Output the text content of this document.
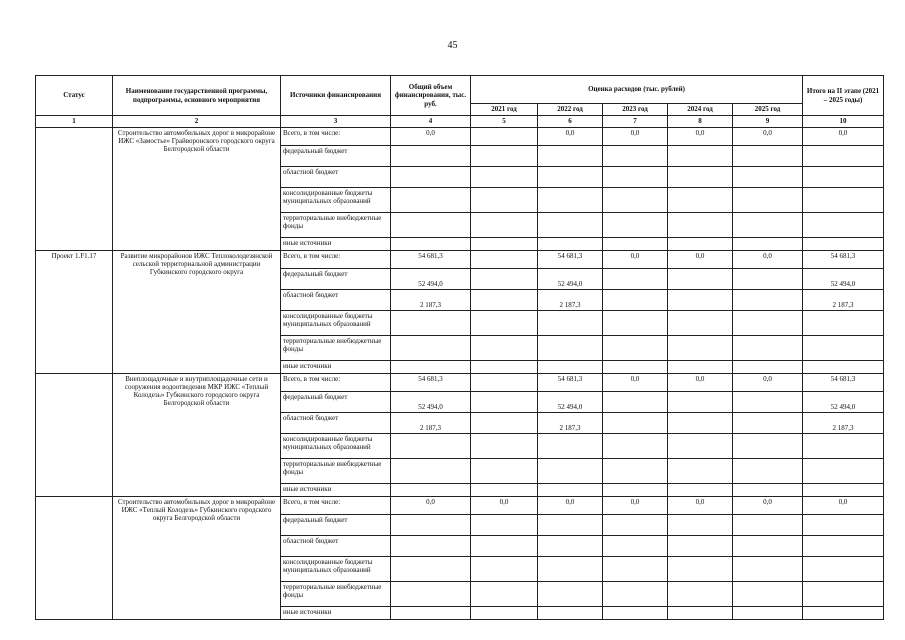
45
Статус	Наименование государственной программы, подпрограммы, основного мероприятия	Источники финансирования	Общий объем финансирования, тыс. руб.	Оценка расходов (тыс. рублей)					Итого на II этапе (2021 – 2025 годы)
				2021 год	2022 год	2023 год	2024 год	2025 год	
1	2	3	4	5	6	7	8	9	10
	Строительство автомобильных дорог в микрорайоне ИЖС «Замостье» Грайворонского городского округа Белгородской области	Всего, в том числе:	0,0		0,0	0,0	0,0	0,0	0,0
		федеральный бюджет							
		областной бюджет							
		консолидированные бюджеты муниципальных образований							
		территориальные внебюджетные фонды							
		иные источники							
Проект 1.F1.17	Развитие микрорайонов ИЖС Теплоколодезянской сельской территориальной администрации Губкинского городского округа	Всего, в том числе:	54 681,3		54 681,3	0,0	0,0	0,0	54 681,3
		федеральный бюджет	52 494,0		52 494,0				52 494,0
		областной бюджет	2 187,3		2 187,3				2 187,3
		консолидированные бюджеты муниципальных образований							
		территориальные внебюджетные фонды							
		иные источники							
	Внеплощадочные и внутриплощадочные сети и сооружения водоотведения МКР ИЖС «Теплый Колодезь» Губкинского городского округа Белгородской области	Всего, в том числе:	54 681,3		54 681,3	0,0	0,0	0,0	54 681,3
		федеральный бюджет	52 494,0		52 494,0				52 494,0
		областной бюджет	2 187,3		2 187,3				2 187,3
		консолидированные бюджеты муниципальных образований							
		территориальные внебюджетные фонды							
		иные источники							
	Строительство автомобильных дорог в микрорайоне ИЖС «Теплый Колодезь» Губкинского городского округа Белгородской области	Всего, в том числе:	0,0	0,0	0,0	0,0	0,0	0,0	0,0
		федеральный бюджет							
		областной бюджет							
		консолидированные бюджеты муниципальных образований							
		территориальные внебюджетные фонды							
		иные источники							
